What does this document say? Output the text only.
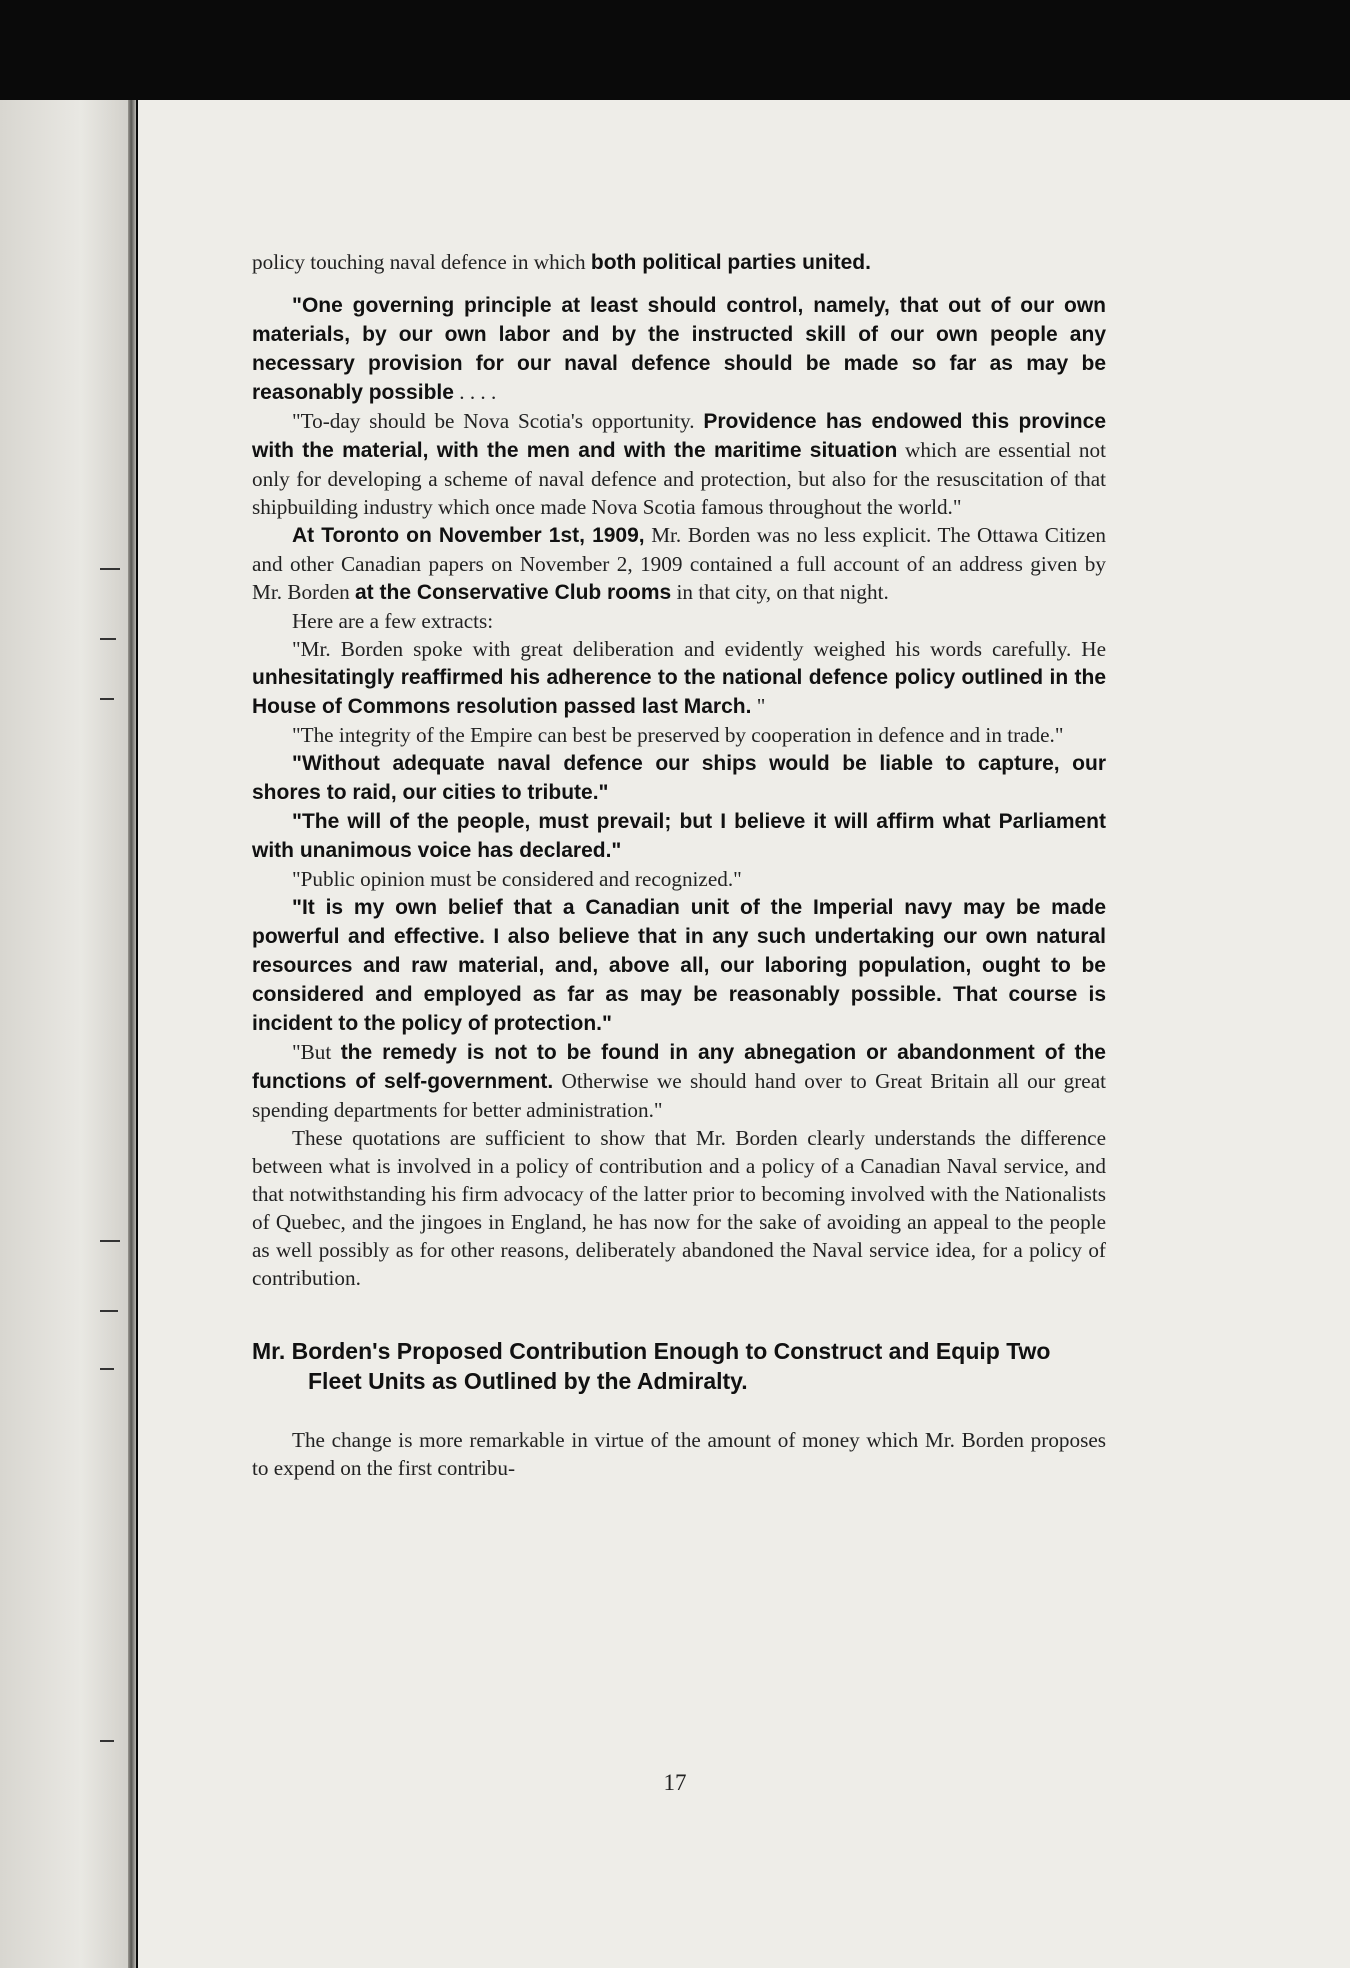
policy touching naval defence in which both political parties united.

"One governing principle at least should control, namely, that out of our own materials, by our own labor and by the instructed skill of our own people any necessary provision for our naval defence should be made so far as may be reasonably possible . . . .

"To-day should be Nova Scotia's opportunity. Providence has endowed this province with the material, with the men and with the maritime situation which are essential not only for developing a scheme of naval defence and protection, but also for the resuscitation of that shipbuilding industry which once made Nova Scotia famous throughout the world."

At Toronto on November 1st, 1909, Mr. Borden was no less explicit. The Ottawa Citizen and other Canadian papers on November 2, 1909 contained a full account of an address given by Mr. Borden at the Conservative Club rooms in that city, on that night.

Here are a few extracts:

"Mr. Borden spoke with great deliberation and evidently weighed his words carefully. He unhesitatingly reaffirmed his adherence to the national defence policy outlined in the House of Commons resolution passed last March. "

"The integrity of the Empire can best be preserved by cooperation in defence and in trade."

"Without adequate naval defence our ships would be liable to capture, our shores to raid, our cities to tribute."

"The will of the people, must prevail; but I believe it will affirm what Parliament with unanimous voice has declared."

"Public opinion must be considered and recognized."

"It is my own belief that a Canadian unit of the Imperial navy may be made powerful and effective. I also believe that in any such undertaking our own natural resources and raw material, and, above all, our laboring population, ought to be considered and employed as far as may be reasonably possible. That course is incident to the policy of protection."

"But the remedy is not to be found in any abnegation or abandonment of the functions of self-government. Otherwise we should hand over to Great Britain all our great spending departments for better administration."

These quotations are sufficient to show that Mr. Borden clearly understands the difference between what is involved in a policy of contribution and a policy of a Canadian Naval service, and that notwithstanding his firm advocacy of the latter prior to becoming involved with the Nationalists of Quebec, and the jingoes in England, he has now for the sake of avoiding an appeal to the people as well possibly as for other reasons, deliberately abandoned the Naval service idea, for a policy of contribution.

Mr. Borden's Proposed Contribution Enough to Construct and Equip Two Fleet Units as Outlined by the Admiralty.

The change is more remarkable in virtue of the amount of money which Mr. Borden proposes to expend on the first contribu-

17
